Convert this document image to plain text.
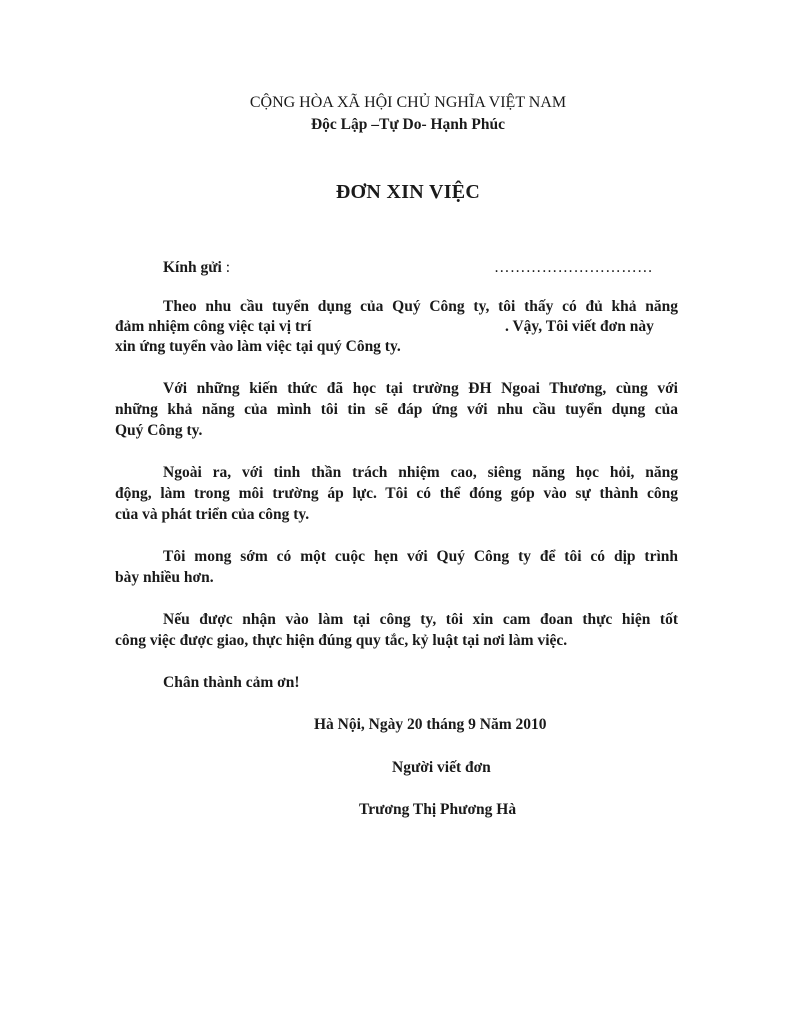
CỘNG HÒA XÃ HỘI CHỦ NGHĨA VIỆT NAM
Độc Lập –Tự Do- Hạnh Phúc
ĐƠN XIN VIỆC
Kính gửi :	…………………………
Theo nhu cầu tuyển dụng của Quý Công ty, tôi thấy có đủ khả năng
đảm nhiệm công việc tại vị trí	. Vậy, Tôi viết đơn này
xin ứng tuyển vào làm việc tại quý Công ty.
Với những kiến thức đã học tại trường ĐH Ngoai Thương, cùng với
những khả năng của mình tôi tin sẽ đáp ứng với nhu cầu tuyển dụng của
Quý Công ty.
Ngoài ra, với tinh thần trách nhiệm cao, siêng năng học hỏi, năng
động, làm trong môi trường áp lực. Tôi có thể đóng góp vào sự thành công
của và phát triển của công ty.
Tôi mong sớm có một cuộc hẹn với Quý Công ty để tôi có dịp trình
bày nhiều hơn.
Nếu được nhận vào làm tại công ty, tôi xin cam đoan thực hiện tốt
công việc được giao, thực hiện đúng quy tắc, kỷ luật tại nơi làm việc.
Chân thành cảm ơn!
Hà Nội, Ngày 20 tháng 9 Năm 2010
Người viết đơn
Trương Thị Phương Hà
